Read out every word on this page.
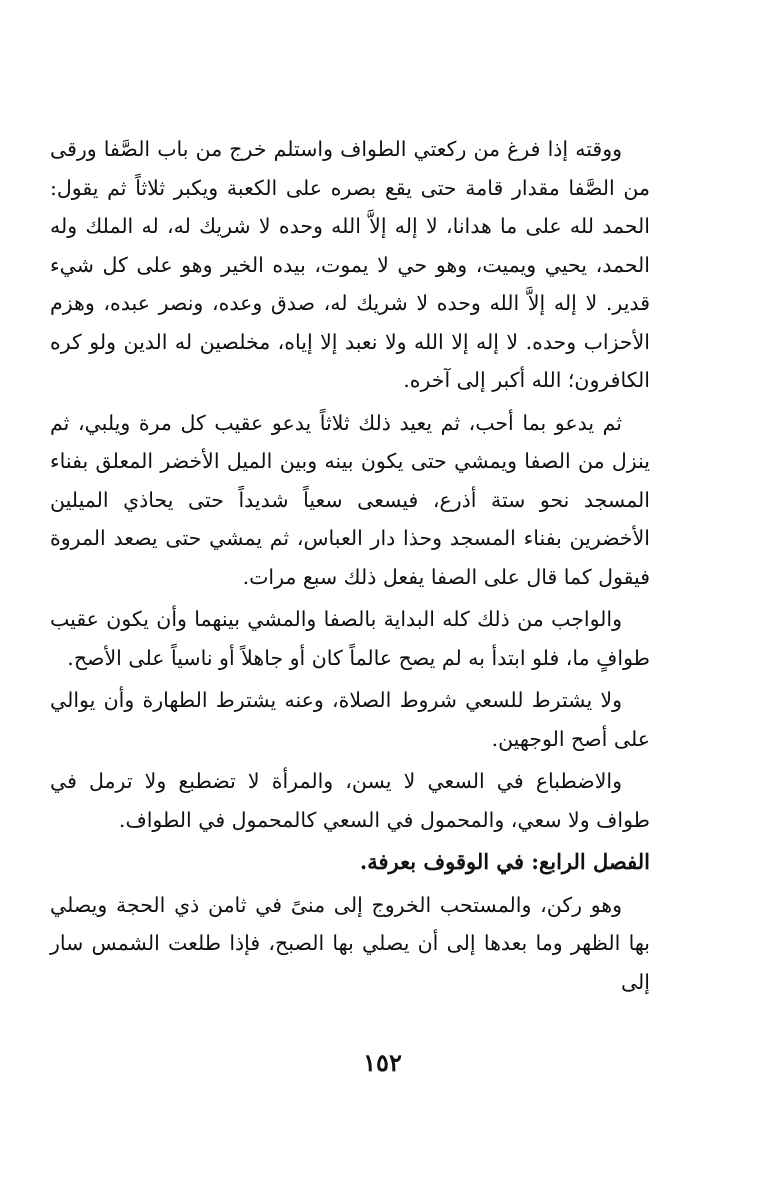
ووقته إذا فرغ من ركعتي الطواف واستلم خرج من باب الصَّفا ورقى من الصَّفا مقدار قامة حتى يقع بصره على الكعبة ويكبر ثلاثاً ثم يقول: الحمد لله على ما هدانا، لا إله إلاَّ الله وحده لا شريك له، له الملك وله الحمد، يحيي ويميت، وهو حي لا يموت، بيده الخير وهو على كل شيء قدير. لا إله إلاَّ الله وحده لا شريك له، صدق وعده، ونصر عبده، وهزم الأحزاب وحده. لا إله إلا الله ولا نعبد إلا إياه، مخلصين له الدين ولو كره الكافرون؛ الله أكبر إلى آخره.

ثم يدعو بما أحب، ثم يعيد ذلك ثلاثاً يدعو عقيب كل مرة ويلبي، ثم ينزل من الصفا ويمشي حتى يكون بينه وبين الميل الأخضر المعلق بفناء المسجد نحو ستة أذرع، فيسعى سعياً شديداً حتى يحاذي الميلين الأخضرين بفناء المسجد وحذا دار العباس، ثم يمشي حتى يصعد المروة فيقول كما قال على الصفا يفعل ذلك سبع مرات.

والواجب من ذلك كله البداية بالصفا والمشي بينهما وأن يكون عقيب طوافٍ ما، فلو ابتدأ به لم يصح عالماً كان أو جاهلاً أو ناسياً على الأصح.

ولا يشترط للسعي شروط الصلاة، وعنه يشترط الطهارة وأن يوالي على أصح الوجهين.

والاضطباع في السعي لا يسن، والمرأة لا تضطبع ولا ترمل في طواف ولا سعي، والمحمول في السعي كالمحمول في الطواف.

الفصل الرابع: في الوقوف بعرفة.

وهو ركن، والمستحب الخروج إلى منىً في ثامن ذي الحجة ويصلي بها الظهر وما بعدها إلى أن يصلي بها الصبح، فإذا طلعت الشمس سار إلى

١٥٢
